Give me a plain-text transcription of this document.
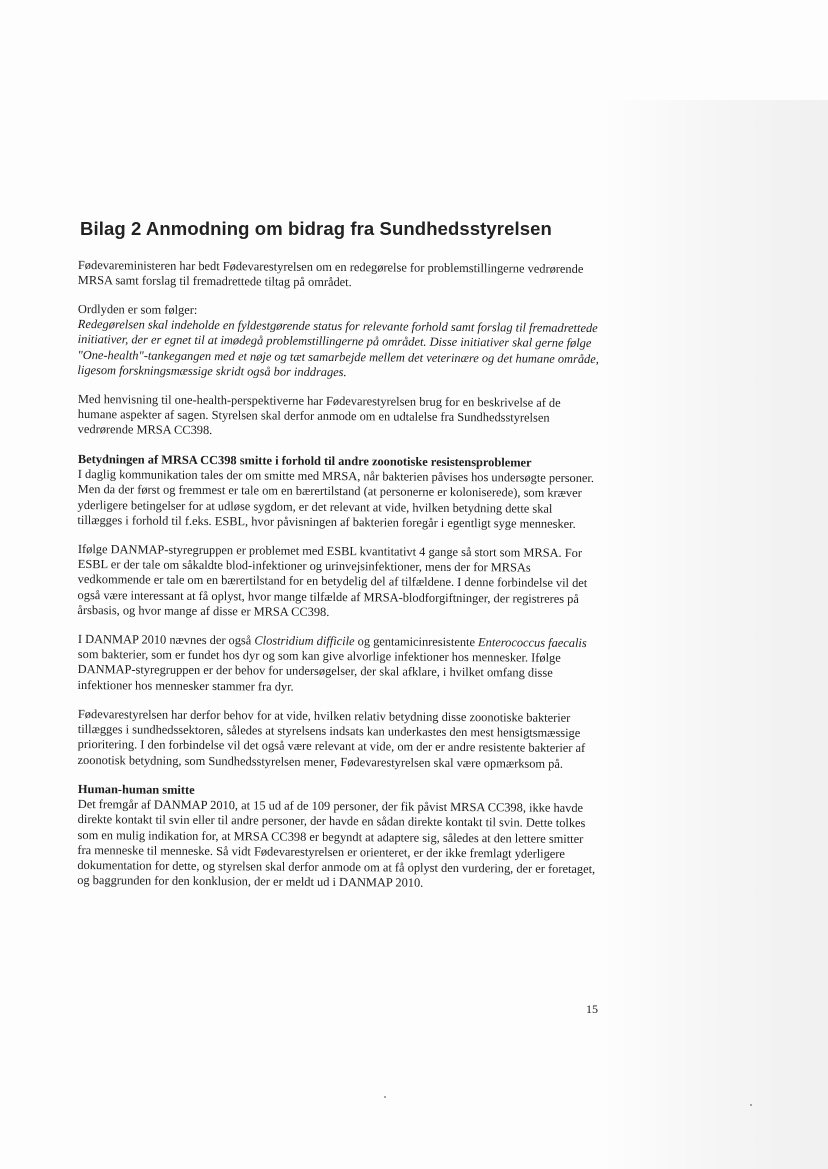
Bilag 2 Anmodning om bidrag fra Sundhedsstyrelsen

Fødevareministeren har bedt Fødevarestyrelsen om en redegørelse for problemstillingerne vedrørende MRSA samt forslag til fremadrettede tiltag på området.

Ordlyden er som følger:

Redegørelsen skal indeholde en fyldestgørende status for relevante forhold samt forslag til fremadrettede initiativer, der er egnet til at imødegå problemstillingerne på området. Disse initiativer skal gerne følge "One-health"-tankegangen med et nøje og tæt samarbejde mellem det veterinære og det humane område, ligesom forskningsmæssige skridt også bor inddrages.

Med henvisning til one-health-perspektiverne har Fødevarestyrelsen brug for en beskrivelse af de humane aspekter af sagen. Styrelsen skal derfor anmode om en udtalelse fra Sundhedsstyrelsen vedrørende MRSA CC398.

Betydningen af MRSA CC398 smitte i forhold til andre zoonotiske resistensproblemer
I daglig kommunikation tales der om smitte med MRSA, når bakterien påvises hos undersøgte personer. Men da der først og fremmest er tale om en bærertilstand (at personerne er koloniserede), som kræver yderligere betingelser for at udløse sygdom, er det relevant at vide, hvilken betydning dette skal tillægges i forhold til f.eks. ESBL, hvor påvisningen af bakterien foregår i egentligt syge mennesker.

Ifølge DANMAP-styregruppen er problemet med ESBL kvantitativt 4 gange så stort som MRSA. For ESBL er der tale om såkaldte blod-infektioner og urinvejsinfektioner, mens der for MRSAs vedkommende er tale om en bærertilstand for en betydelig del af tilfældene. I denne forbindelse vil det også være interessant at få oplyst, hvor mange tilfælde af MRSA-blodforgiftninger, der registreres på årsbasis, og hvor mange af disse er MRSA CC398.

I DANMAP 2010 nævnes der også Clostridium difficile og gentamicinresistente Enterococcus faecalis som bakterier, som er fundet hos dyr og som kan give alvorlige infektioner hos mennesker. Ifølge DANMAP-styregruppen er der behov for undersøgelser, der skal afklare, i hvilket omfang disse infektioner hos mennesker stammer fra dyr.

Fødevarestyrelsen har derfor behov for at vide, hvilken relativ betydning disse zoonotiske bakterier tillægges i sundhedssektoren, således at styrelsens indsats kan underkastes den mest hensigtsmæssige prioritering. I den forbindelse vil det også være relevant at vide, om der er andre resistente bakterier af zoonotisk betydning, som Sundhedsstyrelsen mener, Fødevarestyrelsen skal være opmærksom på.

Human-human smitte
Det fremgår af DANMAP 2010, at 15 ud af de 109 personer, der fik påvist MRSA CC398, ikke havde direkte kontakt til svin eller til andre personer, der havde en sådan direkte kontakt til svin. Dette tolkes som en mulig indikation for, at MRSA CC398 er begyndt at adaptere sig, således at den lettere smitter fra menneske til menneske. Så vidt Fødevarestyrelsen er orienteret, er der ikke fremlagt yderligere dokumentation for dette, og styrelsen skal derfor anmode om at få oplyst den vurdering, der er foretaget, og baggrunden for den konklusion, der er meldt ud i DANMAP 2010.

15
